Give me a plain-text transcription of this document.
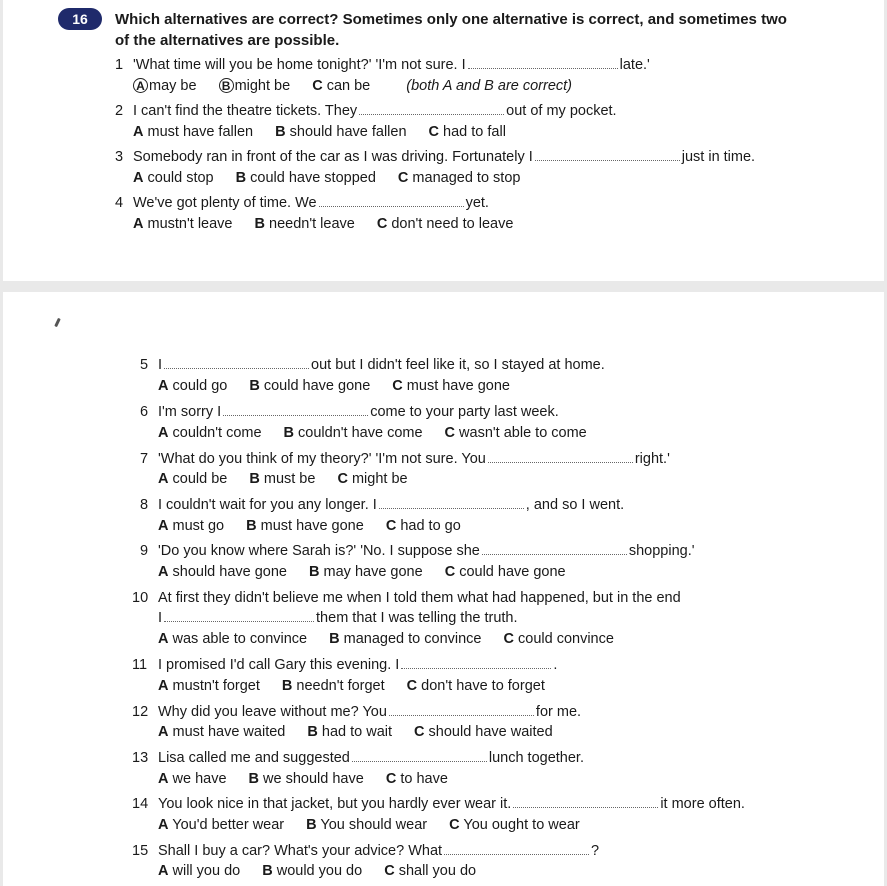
16	Which alternatives are correct? Sometimes only one alternative is correct, and sometimes two
of the alternatives are possible.
1 'What time will you be home tonight?' 'I'm not sure. I	late.'
A may be B might be C can be (both A and B are correct)
2 I can't find the theatre tickets. They	out of my pocket.
A must have fallen B should have fallen C had to fall
3 Somebody ran in front of the car as I was driving. Fortunately I	just in time.
A could stop B could have stopped C managed to stop
4 We've got plenty of time. We	yet.
A mustn't leave B needn't leave C don't need to leave
5 I	out but I didn't feel like it, so I stayed at home.
A could go B could have gone C must have gone
6 I'm sorry I	come to your party last week.
A couldn't come B couldn't have come C wasn't able to come
7 'What do you think of my theory?' 'I'm not sure. You	right.'
A could be B must be C might be
8 I couldn't wait for you any longer. I	, and so I went.
A must go B must have gone C had to go
9 'Do you know where Sarah is?' 'No. I suppose she	shopping.'
A should have gone B may have gone C could have gone
10 At first they didn't believe me when I told them what had happened, but in the end
I	them that I was telling the truth.
A was able to convince B managed to convince C could convince
11 I promised I'd call Gary this evening. I	.
A mustn't forget B needn't forget C don't have to forget
12 Why did you leave without me? You	for me.
A must have waited B had to wait C should have waited
13 Lisa called me and suggested	lunch together.
A we have B we should have C to have
14 You look nice in that jacket, but you hardly ever wear it.	it more often.
A You'd better wear B You should wear C You ought to wear
15 Shall I buy a car? What's your advice? What	?
A will you do B would you do C shall you do
